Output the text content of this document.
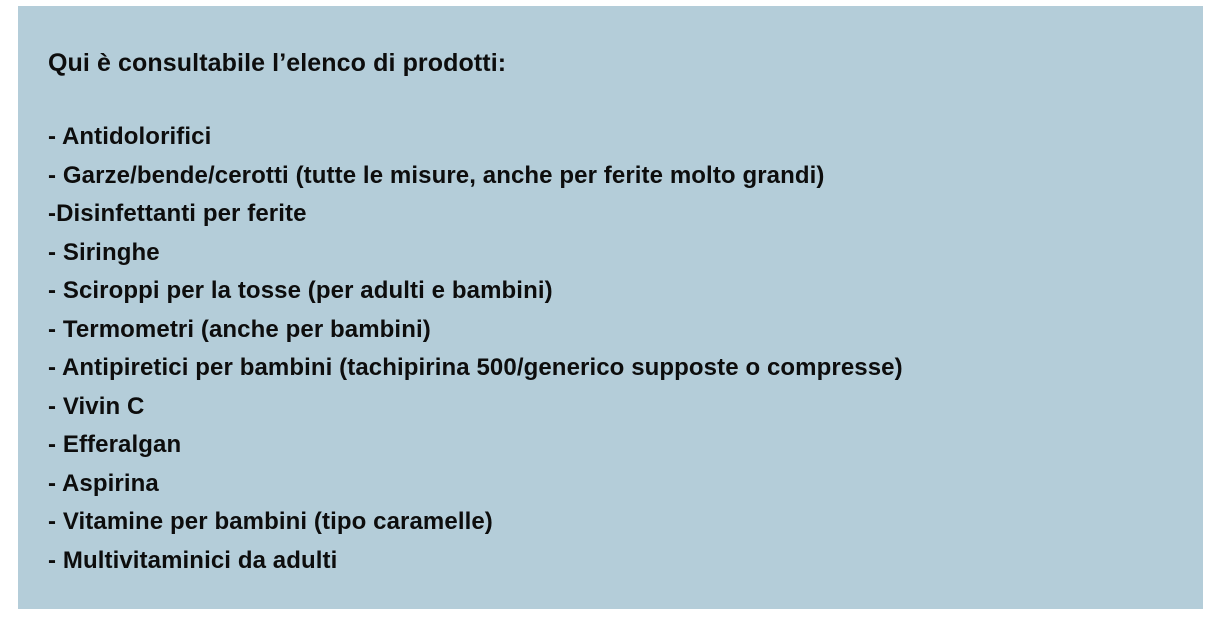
Qui è consultabile l’elenco di prodotti:
- Antidolorifici
- Garze/bende/cerotti (tutte le misure, anche per ferite molto grandi)
-Disinfettanti per ferite
- Siringhe
- Sciroppi per la tosse (per adulti e bambini)
- Termometri (anche per bambini)
- Antipiretici per bambini (tachipirina 500/generico supposte o compresse)
- Vivin C
- Efferalgan
- Aspirina
- Vitamine per bambini (tipo caramelle)
- Multivitaminici da adulti
